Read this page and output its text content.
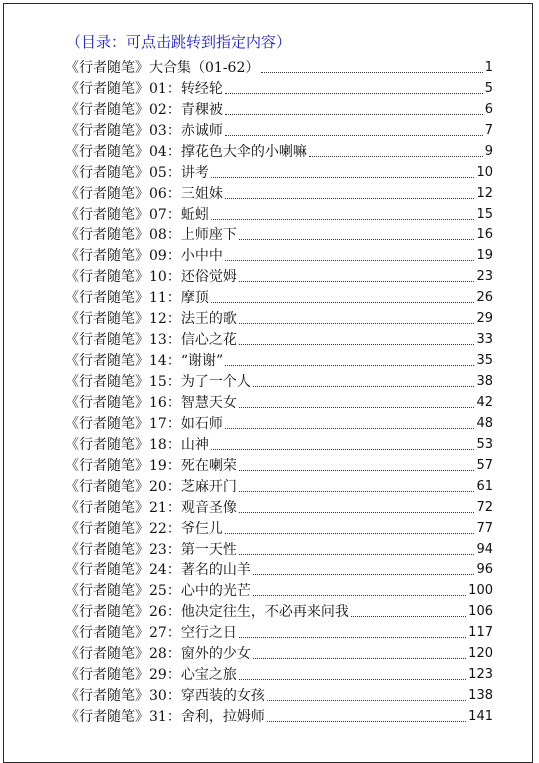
（目录：可点击跳转到指定内容）
《行者随笔》大合集（01-62）	1
《行者随笔》01：转经轮	5
《行者随笔》02：青稞被	6
《行者随笔》03：赤诚师	7
《行者随笔》04：撑花色大伞的小喇嘛	9
《行者随笔》05：讲考	10
《行者随笔》06：三姐妹	12
《行者随笔》07：蚯蚓	15
《行者随笔》08：上师座下	16
《行者随笔》09：小中中	19
《行者随笔》10：还俗觉姆	23
《行者随笔》11：摩顶	26
《行者随笔》12：法王的歌	29
《行者随笔》13：信心之花	33
《行者随笔》14：“谢谢”	35
《行者随笔》15：为了一个人	38
《行者随笔》16：智慧天女	42
《行者随笔》17：如石师	48
《行者随笔》18：山神	53
《行者随笔》19：死在喇荣	57
《行者随笔》20：芝麻开门	61
《行者随笔》21：观音圣像	72
《行者随笔》22：爷仨儿	77
《行者随笔》23：第一天性	94
《行者随笔》24：著名的山羊	96
《行者随笔》25：心中的光芒	100
《行者随笔》26：他决定往生，不必再来问我	106
《行者随笔》27：空行之日	117
《行者随笔》28：窗外的少女	120
《行者随笔》29：心宝之旅	123
《行者随笔》30：穿西装的女孩	138
《行者随笔》31：舍利，拉姆师	141
